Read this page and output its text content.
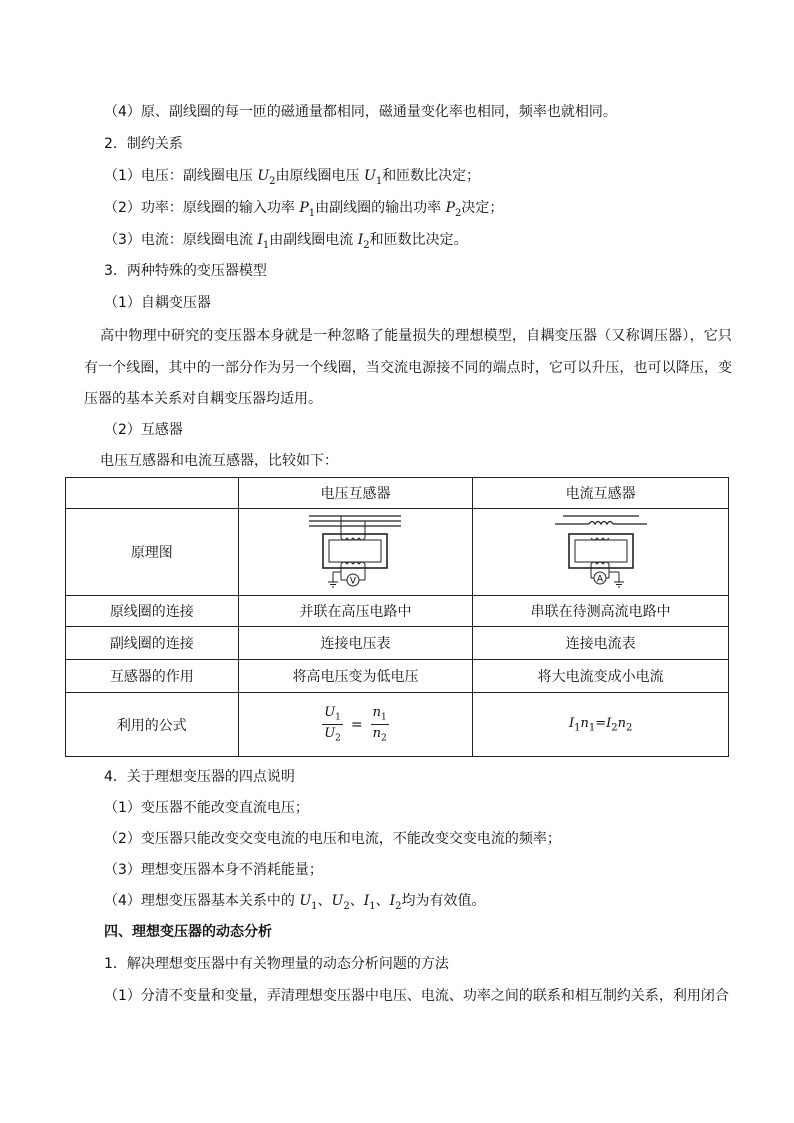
（4）原、副线圈的每一匝的磁通量都相同，磁通量变化率也相同，频率也就相同。
2．制约关系
（1）电压：副线圈电压 $U_2$由原线圈电压 $U_1$和匝数比决定；
（2）功率：原线圈的输入功率 $P_1$由副线圈的输出功率 $P_2$决定；
（3）电流：原线圈电流 $I_1$由副线圈电流 $I_2$和匝数比决定。
3．两种特殊的变压器模型
（1）自耦变压器
高中物理中研究的变压器本身就是一种忽略了能量损失的理想模型，自耦变压器（又称调压器），它只有一个线圈，其中的一部分作为另一个线圈，当交流电源接不同的端点时，它可以升压，也可以降压，变压器的基本关系对自耦变压器均适用。
（2）互感器
电压互感器和电流互感器，比较如下：
	电压互感器	电流互感器
原理图	V	A

原线圈的连接	并联在高压电路中	串联在待测高流电路中
副线圈的连接	连接电压表	连接电流表
互感器的作用	将高电压变为低电压	将大电流变成小电流
利用的公式	$\frac{U_1}{U_2} = \frac{n_1}{n_2}$	$I_1n_1=I_2n_2$
4．关于理想变压器的四点说明
（1）变压器不能改变直流电压；
（2）变压器只能改变交变电流的电压和电流，不能改变交变电流的频率；
（3）理想变压器本身不消耗能量；
（4）理想变压器基本关系中的 $U_1$、$U_2$、$I_1$、$I_2$均为有效值。
四、理想变压器的动态分析
1．解决理想变压器中有关物理量的动态分析问题的方法
（1）分清不变量和变量，弄清理想变压器中电压、电流、功率之间的联系和相互制约关系，利用闭合
